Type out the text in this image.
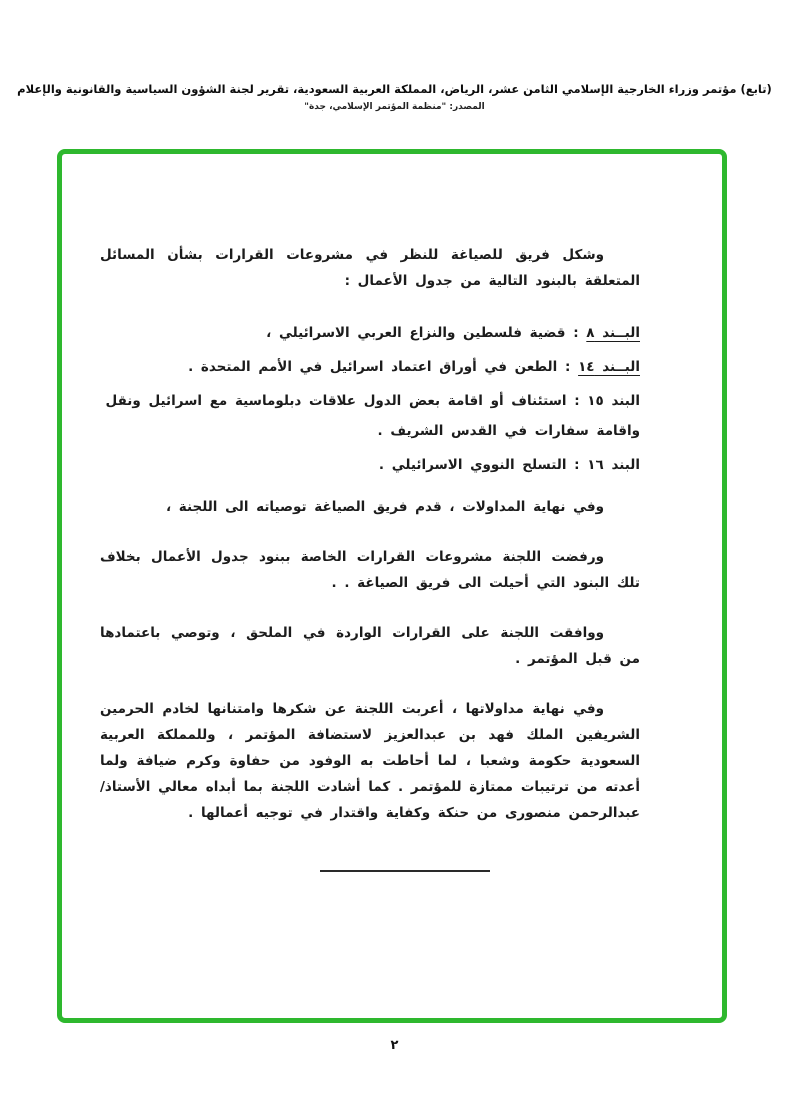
(تابع) مؤتمر وزراء الخارجية الإسلامي الثامن عشر، الرياض، المملكة العربية السعودية، تقرير لجنة الشؤون السياسية والقانونية والإعلام
المصدر: "منظمة المؤتمر الإسلامي، جدة"

وشكل فريق للصياغة للنظر في مشروعات القرارات بشأن المسائل المتعلقة بالبنود التالية من جدول الأعمال :

البــند ٨ : قضية فلسطين والنزاع العربي الاسرائيلي ،

البــند ١٤ : الطعن في أوراق اعتماد اسرائيل في الأمم المتحدة .

البند ١٥ : استئناف أو اقامة بعض الدول علاقات دبلوماسية مع اسرائيل ونقل واقامة سفارات في القدس الشريف .

البند ١٦ : التسلح النووي الاسرائيلي .

وفي نهاية المداولات ، قدم فريق الصياغة توصياته الى اللجنة ،

ورفضت اللجنة مشروعات القرارات الخاصة ببنود جدول الأعمال بخلاف تلك البنود التي أحيلت الى فريق الصياغة . .

ووافقت اللجنة على القرارات الواردة في الملحق ، وتوصي باعتمادها من قبل المؤتمر .

وفي نهاية مداولاتها ، أعربت اللجنة عن شكرها وامتنانها لخادم الحرمين الشريفين الملك فهد بن عبدالعزيز لاستضافة المؤتمر ، وللمملكة العربية السعودية حكومة وشعبا ، لما أحاطت به الوفود من حفاوة وكرم ضيافة ولما أعدته من ترتيبات ممتازة للمؤتمر . كما أشادت اللجنة بما أبداه معالي الأستاذ/ عبدالرحمن منصورى من حنكة وكفاية واقتدار في توجيه أعمالها .

٢
